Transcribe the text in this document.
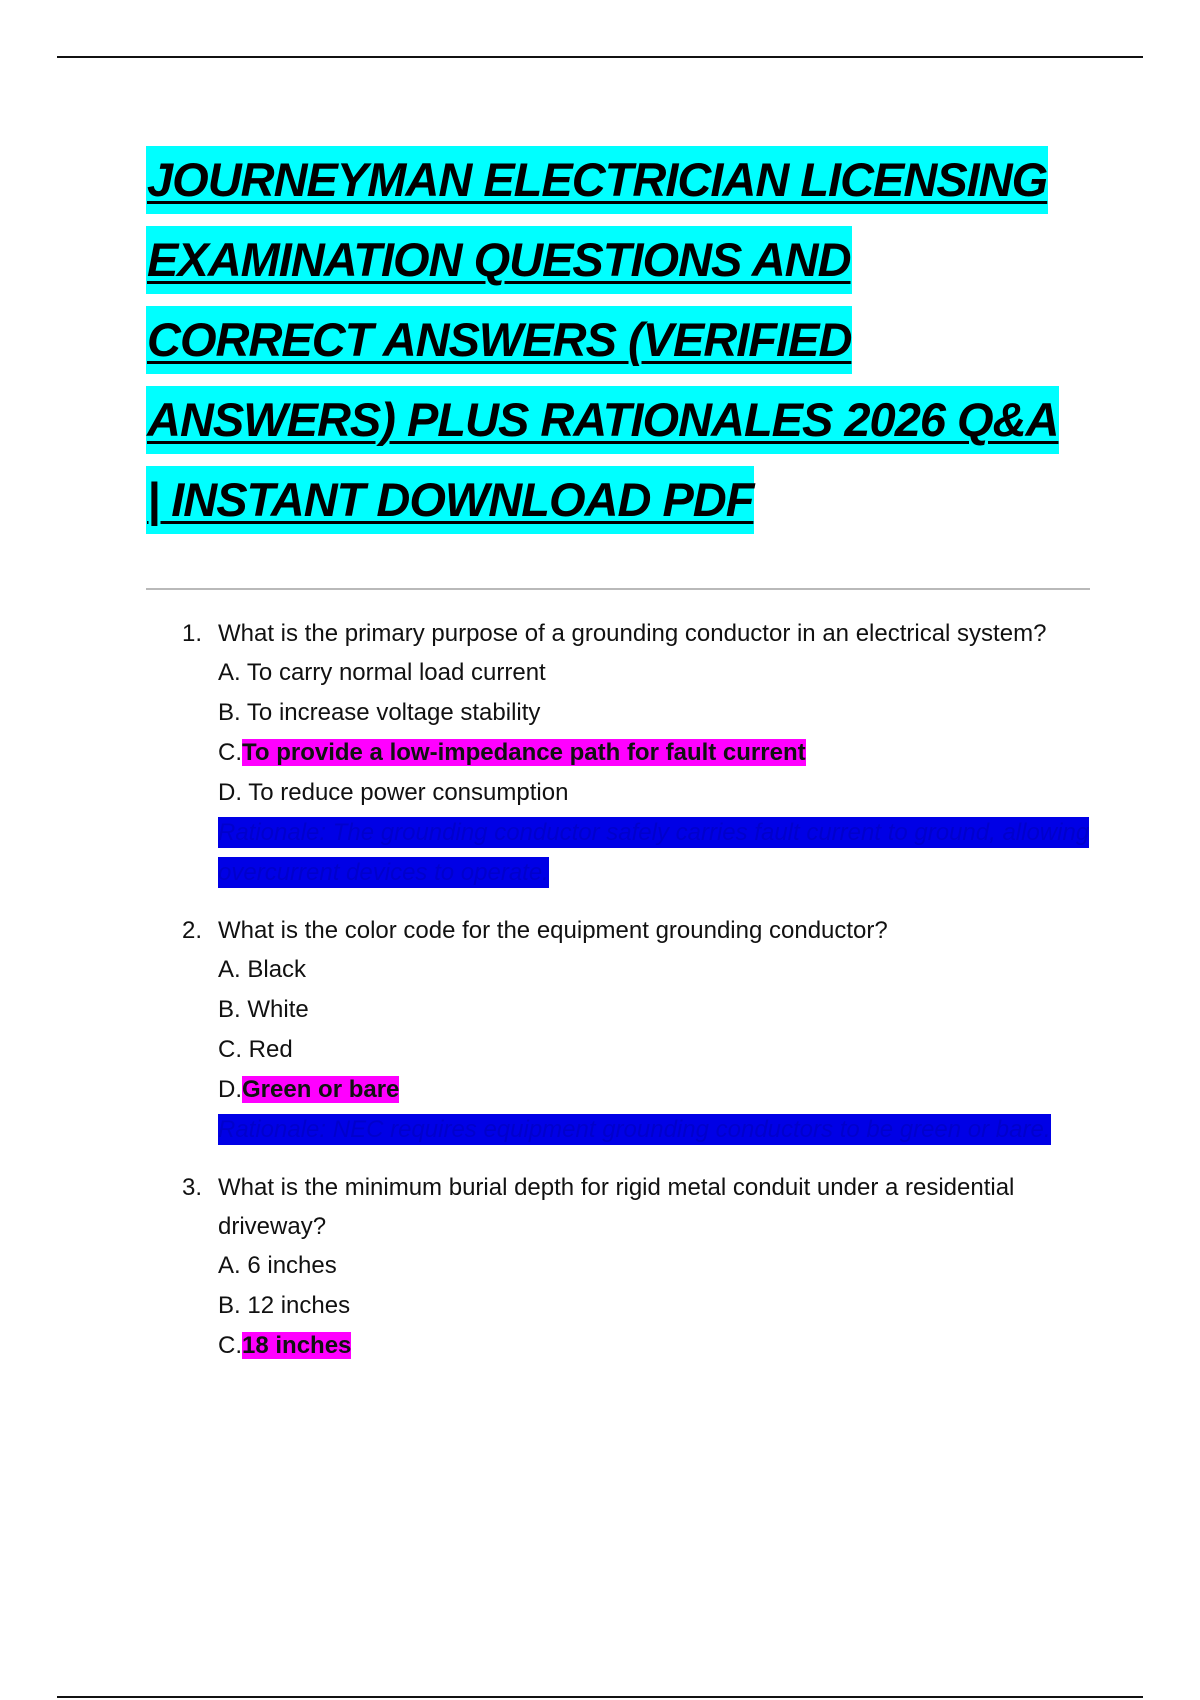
JOURNEYMAN ELECTRICIAN LICENSING
EXAMINATION QUESTIONS AND
CORRECT ANSWERS (VERIFIED
ANSWERS) PLUS RATIONALES 2026 Q&A
| INSTANT DOWNLOAD PDF
1. What is the primary purpose of a grounding conductor in an electrical system?
A. To carry normal load current
B. To increase voltage stability
C.To provide a low-impedance path for fault current
D. To reduce power consumption
Rationale: The grounding conductor safely carries fault current to ground, allowing overcurrent devices to operate.
2. What is the color code for the equipment grounding conductor?
A. Black
B. White
C. Red
D.Green or bare
Rationale: NEC requires equipment grounding conductors to be green or bare.
3. What is the minimum burial depth for rigid metal conduit under a residential driveway?
A. 6 inches
B. 12 inches
C.18 inches
